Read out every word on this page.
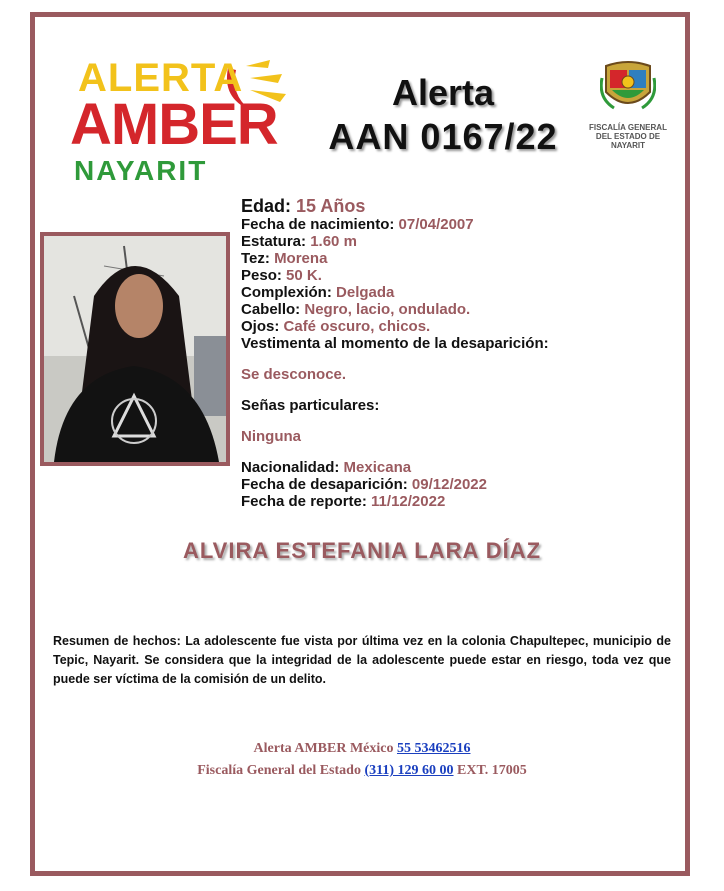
ALERTA
AMBER
NAYARIT
Alerta
AAN 0167/22	FISCALÍA GENERAL
DEL ESTADO DE
NAYARIT
Edad: 15 Años
Fecha de nacimiento: 07/04/2007
Estatura: 1.60 m
Tez: Morena
Peso: 50 K.
Complexión: Delgada
Cabello: Negro, lacio, ondulado.
Ojos: Café oscuro, chicos.
Vestimenta al momento de la desaparición:
Se desconoce.
Señas particulares:
Ninguna
Nacionalidad: Mexicana
Fecha de desaparición: 09/12/2022
Fecha de reporte: 11/12/2022
ALVIRA ESTEFANIA LARA DÍAZ
Resumen de hechos: La adolescente fue vista por última vez en la colonia Chapultepec, municipio de Tepic, Nayarit. Se considera que la integridad de la adolescente puede estar en riesgo, toda vez que puede ser víctima de la comisión de un delito.
Alerta AMBER México 55 53462516
Fiscalía General del Estado (311) 129 60 00 EXT. 17005
